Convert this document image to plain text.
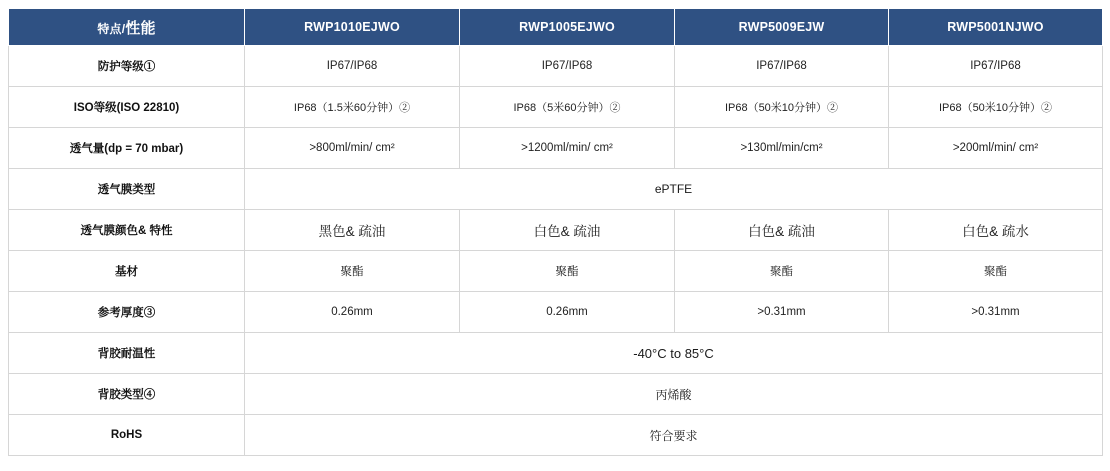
特点/性能	RWP1010EJWO	RWP1005EJWO	RWP5009EJW	RWP5001NJWO
防护等级①	IP67/IP68	IP67/IP68	IP67/IP68	IP67/IP68
ISO等级(ISO 22810)	IP68（1.5米60分钟）②	IP68（5米60分钟）②	IP68（50米10分钟）②	IP68（50米10分钟）②
透气量(dp = 70 mbar)	>800ml/min/ cm²	>1200ml/min/ cm²	>130ml/min/cm²	>200ml/min/ cm²
透气膜类型	ePTFE			
透气膜颜色& 特性	黑色& 疏油	白色& 疏油	白色& 疏油	白色& 疏水
基材	聚酯	聚酯	聚酯	聚酯
参考厚度③	0.26mm	0.26mm	>0.31mm	>0.31mm
背胶耐温性	-40°C to 85°C			
背胶类型④	丙烯酸			
RoHS	符合要求			
